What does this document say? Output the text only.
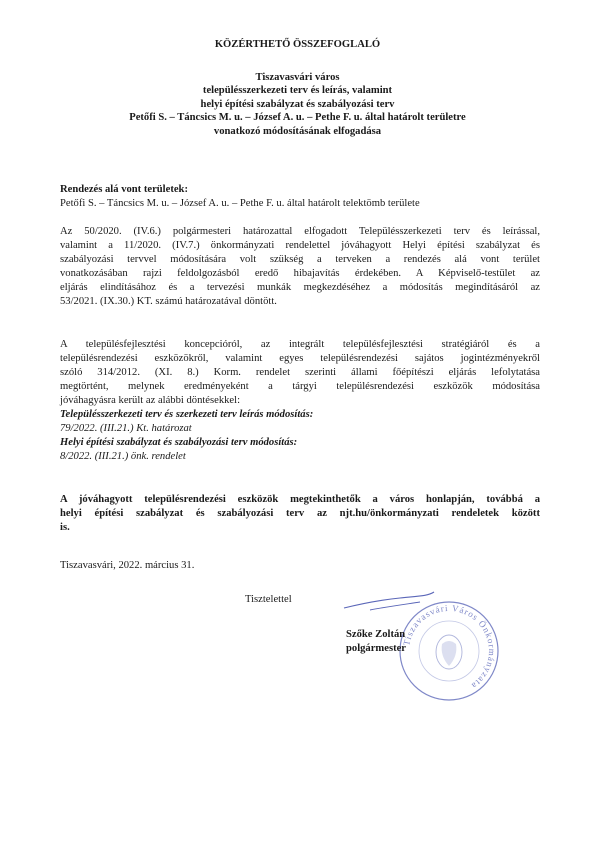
KÖZÉRTHETŐ ÖSSZEFOGLALÓ
Tiszavasvári város
településszerkezeti terv és leírás, valamint
helyi építési szabályzat és szabályozási terv
Petőfi S. – Táncsics M. u. – József A. u. – Pethe F. u. által határolt területre
vonatkozó módosításának elfogadása
Rendezés alá vont területek:
Petőfi S. – Táncsics M. u. – József A. u. – Pethe F. u. által határolt telektömb területe
Az 50/2020. (IV.6.) polgármesteri határozattal elfogadott Településszerkezeti terv és leírással,
valamint a 11/2020. (IV.7.) önkormányzati rendelettel jóváhagyott Helyi építési szabályzat és
szabályozási tervvel módosítására volt szükség a terveken a rendezés alá vont terület
vonatkozásában rajzi feldolgozásból eredő hibajavítás érdekében. A Képviselő-testület az
eljárás elindításához és a tervezési munkák megkezdéséhez a módosítás megindításáról az
53/2021. (IX.30.) KT. számú határozatával döntött.
A településfejlesztési koncepcióról, az integrált településfejlesztési stratégiáról és a
településrendezési eszközökről, valamint egyes településrendezési sajátos jogintézményekről
szóló 314/2012. (XI. 8.) Korm. rendelet szerinti állami főépítészi eljárás lefolytatása
megtörtént, melynek eredményeként a tárgyi településrendezési eszközök módosítása
jóváhagyásra került az alábbi döntésekkel:
Településszerkezeti terv és szerkezeti terv leírás módosítás:
79/2022. (III.21.) Kt. határozat
Helyi építési szabályzat és szabályozási terv módosítás:
8/2022. (III.21.) önk. rendelet
A jóváhagyott településrendezési eszközök megtekinthetők a város honlapján, továbbá a
helyi építési szabályzat és szabályozási terv az njt.hu/önkormányzati rendeletek között
is.
Tiszavasvári, 2022. március 31.
Tisztelettel
Tiszavasvári Város Önkormányzata
Szőke Zoltán
polgármester
